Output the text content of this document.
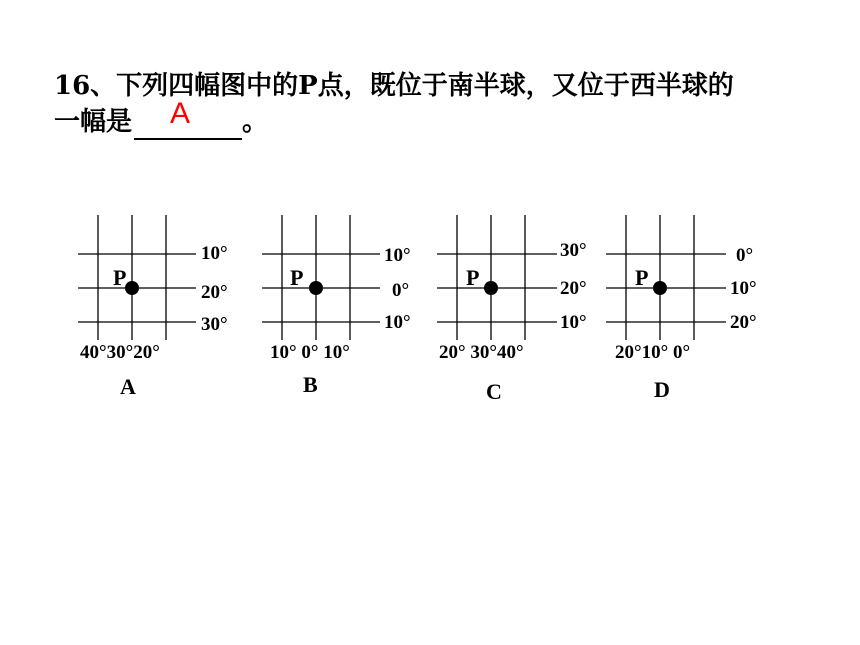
16、下列四幅图中的P点，既位于南半球，又位于西半球的
一幅是 A 。
P
10°
20°
30°
40°30°20°
A
P
10°
0°
10°
10° 0° 10°
B
P
30°
20°
10°
20° 30°40°
C
P
0°
10°
20°
20°10° 0°
D
